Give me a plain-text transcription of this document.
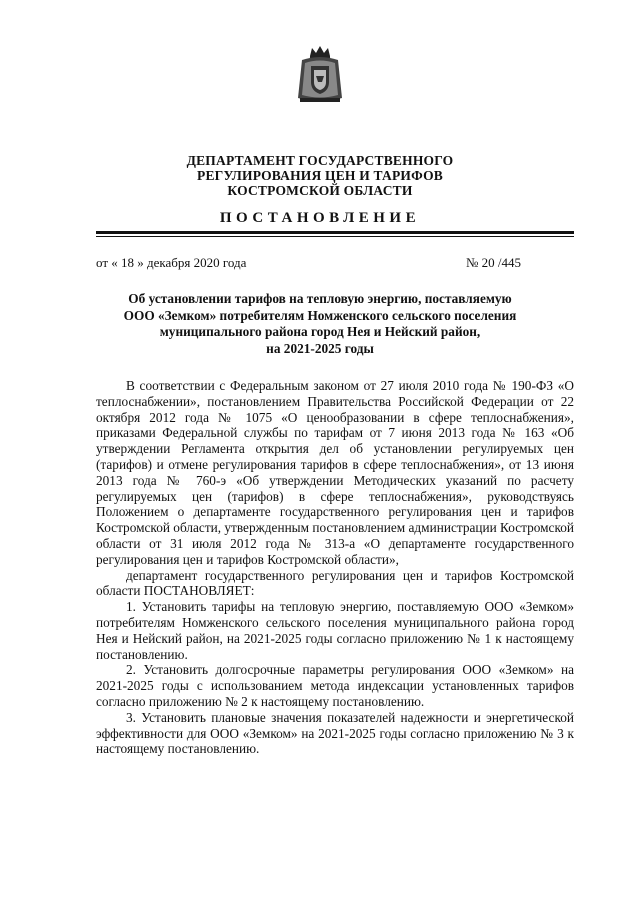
ДЕПАРТАМЕНТ ГОСУДАРСТВЕННОГО
РЕГУЛИРОВАНИЯ ЦЕН И ТАРИФОВ
КОСТРОМСКОЙ ОБЛАСТИ
ПОСТАНОВЛЕНИЕ
от « 18 » декабря 2020 года	№ 20 /445
Об установлении тарифов на тепловую энергию, поставляемую
ООО «Земком» потребителям Номженского сельского поселения
муниципального района город Нея и Нейский район,
на 2021-2025 годы

В соответствии с Федеральным законом от 27 июля 2010 года № 190-ФЗ «О теплоснабжении», постановлением Правительства Российской Федерации от 22 октября 2012 года № 1075 «О ценообразовании в сфере теплоснабжения», приказами Федеральной службы по тарифам от 7 июня 2013 года № 163 «Об утверждении Регламента открытия дел об установлении регулируемых цен (тарифов) и отмене регулирования тарифов в сфере теплоснабжения», от 13 июня 2013 года № 760-э «Об утверждении Методических указаний по расчету регулируемых цен (тарифов) в сфере теплоснабжения», руководствуясь Положением о департаменте государственного регулирования цен и тарифов Костромской области, утвержденным постановлением администрации Костромской области от 31 июля 2012 года № 313-а «О департаменте государственного регулирования цен и тарифов Костромской области»,

департамент государственного регулирования цен и тарифов Костромской области ПОСТАНОВЛЯЕТ:

1. Установить тарифы на тепловую энергию, поставляемую ООО «Земком» потребителям Номженского сельского поселения муниципального района город Нея и Нейский район, на 2021-2025 годы согласно приложению № 1 к настоящему постановлению.

2. Установить долгосрочные параметры регулирования ООО «Земком» на 2021-2025 годы с использованием метода индексации установленных тарифов согласно приложению № 2 к настоящему постановлению.

3. Установить плановые значения показателей надежности и энергетической эффективности для ООО «Земком» на 2021-2025 годы согласно приложению № 3 к настоящему постановлению.
